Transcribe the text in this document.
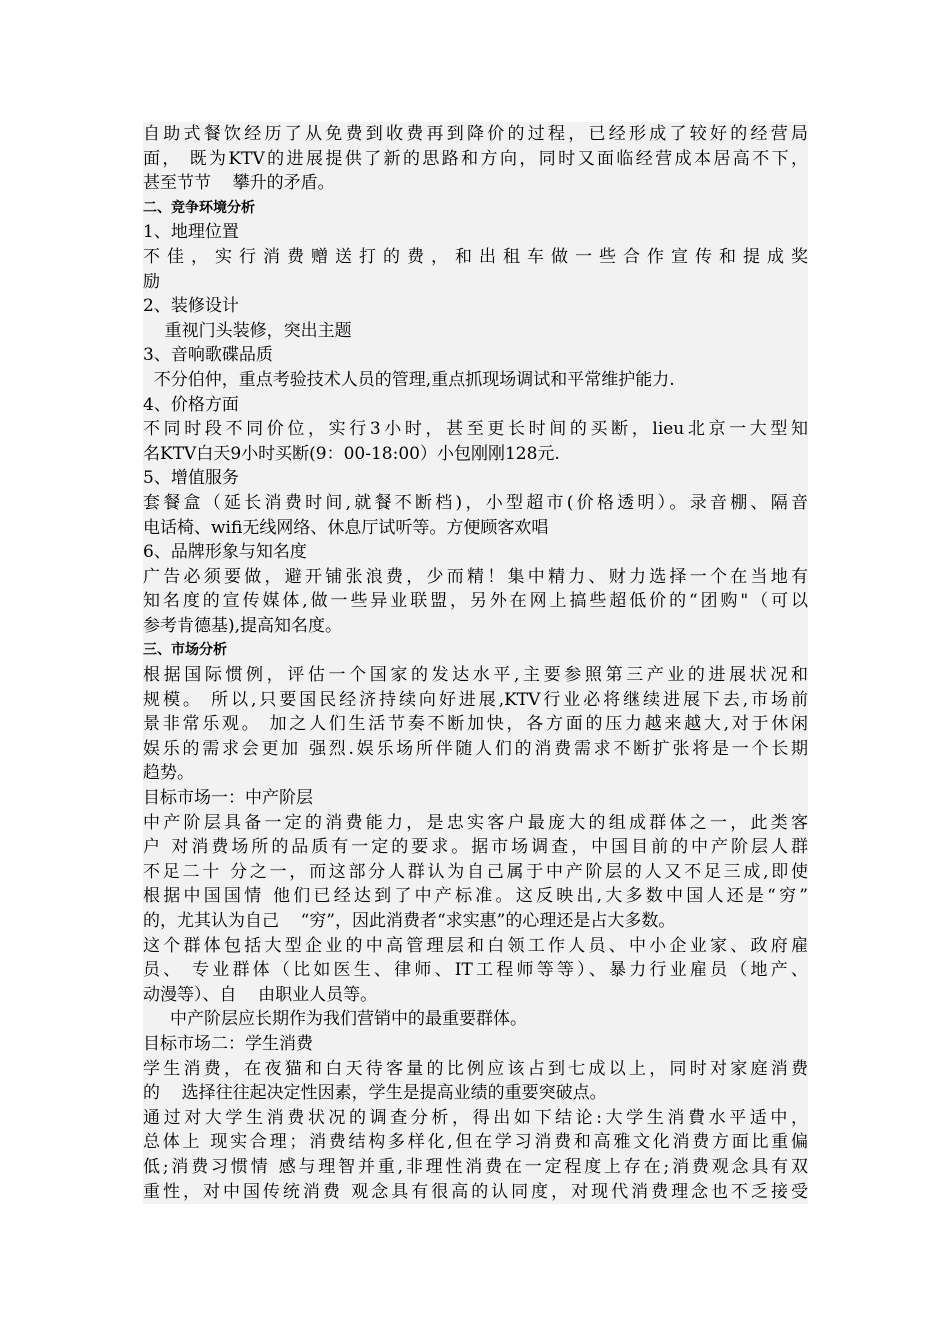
自助式餐饮经历了从免费到收费再到降价的过程，已经形成了较好的经营局
面， 既为KTV的进展提供了新的思路和方向，同时又面临经营成本居高不下，
甚至节节    攀升的矛盾。
二、竞争环境分析
1、地理位置
不佳，实行消费赠送打的费，和出租车做一些合作宣传和提成奖
励
2、装修设计
重视门头装修，突出主题
3、音响歌碟品质
不分伯仲，重点考验技术人员的管理,重点抓现场调试和平常维护能力.
4、价格方面
不同时段不同价位，实行3小时，甚至更长时间的买断，lieu北京一大型知
名KTV白天9小时买断(9：00-18:00）小包刚刚128元.
5、增值服务
套餐盒（延长消费时间,就餐不断档)，小型超市(价格透明）。录音棚、隔音
电话椅、wifi无线网络、休息厅试听等。方便顾客欢唱
6、品牌形象与知名度
广告必须要做，避开铺张浪费，少而精！集中精力、财力选择一个在当地有
知名度的宣传媒体,做一些异业联盟，另外在网上搞些超低价的“团购"（可以
参考肯德基),提高知名度。
三、市场分析
根据国际惯例，评估一个国家的发达水平,主要参照第三产业的进展状况和
规模。 所以,只要国民经济持续向好进展,KTV行业必将继续进展下去,市场前
景非常乐观。 加之人们生活节奏不断加快，各方面的压力越来越大,对于休闲
娱乐的需求会更加 强烈.娱乐场所伴随人们的消费需求不断扩张将是一个长期
趋势。
目标市场一：中产阶层
中产阶层具备一定的消费能力，是忠实客户最庞大的组成群体之一，此类客
户 对消费场所的品质有一定的要求。据市场调查，中国目前的中产阶层人群
不足二十 分之一，而这部分人群认为自己属于中产阶层的人又不足三成,即使
根据中国国情 他们已经达到了中产标准。这反映出,大多数中国人还是“穷”
的，尤其认为自己    “穷”，因此消费者“求实惠”的心理还是占大多数。
这个群体包括大型企业的中高管理层和白领工作人员、中小企业家、政府雇
员、 专业群体（比如医生、律师、IT工程师等等）、暴力行业雇员（地产、
动漫等）、自    由职业人员等。
中产阶层应长期作为我们营销中的最重要群体。
目标市场二：学生消费
学生消费，在夜猫和白天待客量的比例应该占到七成以上，同时对家庭消费
的    选择往往起决定性因素，学生是提高业绩的重要突破点。
通过对大学生消费状况的调查分析，得出如下结论:大学生消費水平适中，
总体上 现实合理；消费结构多样化,但在学习消费和高雅文化消费方面比重偏
低;消费习惯情 感与理智并重,非理性消费在一定程度上存在;消费观念具有双
重性，对中国传统消费 观念具有很高的认同度，对现代消费理念也不乏接受
